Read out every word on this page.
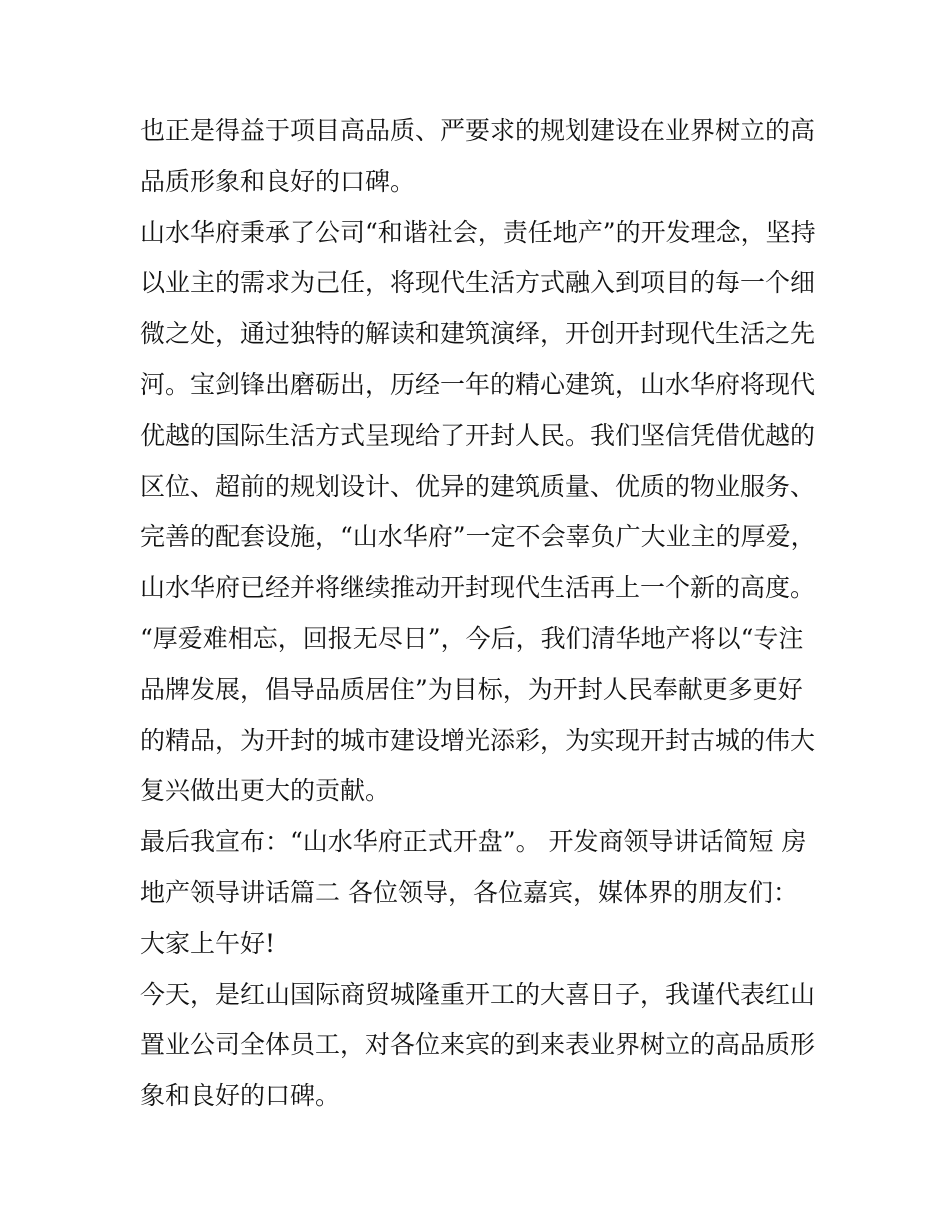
也正是得益于项目高品质、严要求的规划建设在业界树立的高
品质形象和良好的口碑。
山水华府秉承了公司“和谐社会，责任地产”的开发理念，坚持
以业主的需求为己任，将现代生活方式融入到项目的每一个细
微之处，通过独特的解读和建筑演绎，开创开封现代生活之先
河。宝剑锋出磨砺出，历经一年的精心建筑，山水华府将现代
优越的国际生活方式呈现给了开封人民。我们坚信凭借优越的
区位、超前的规划设计、优异的建筑质量、优质的物业服务、
完善的配套设施，“山水华府”一定不会辜负广大业主的厚爱，
山水华府已经并将继续推动开封现代生活再上一个新的高度。
“厚爱难相忘，回报无尽日”，今后，我们清华地产将以“专注
品牌发展，倡导品质居住”为目标，为开封人民奉献更多更好
的精品，为开封的城市建设增光添彩，为实现开封古城的伟大
复兴做出更大的贡献。
最后我宣布：“山水华府正式开盘”。 开发商领导讲话简短 房
地产领导讲话篇二 各位领导，各位嘉宾，媒体界的朋友们：
大家上午好!
今天，是红山国际商贸城隆重开工的大喜日子，我谨代表红山
置业公司全体员工，对各位来宾的到来表业界树立的高品质形
象和良好的口碑。
